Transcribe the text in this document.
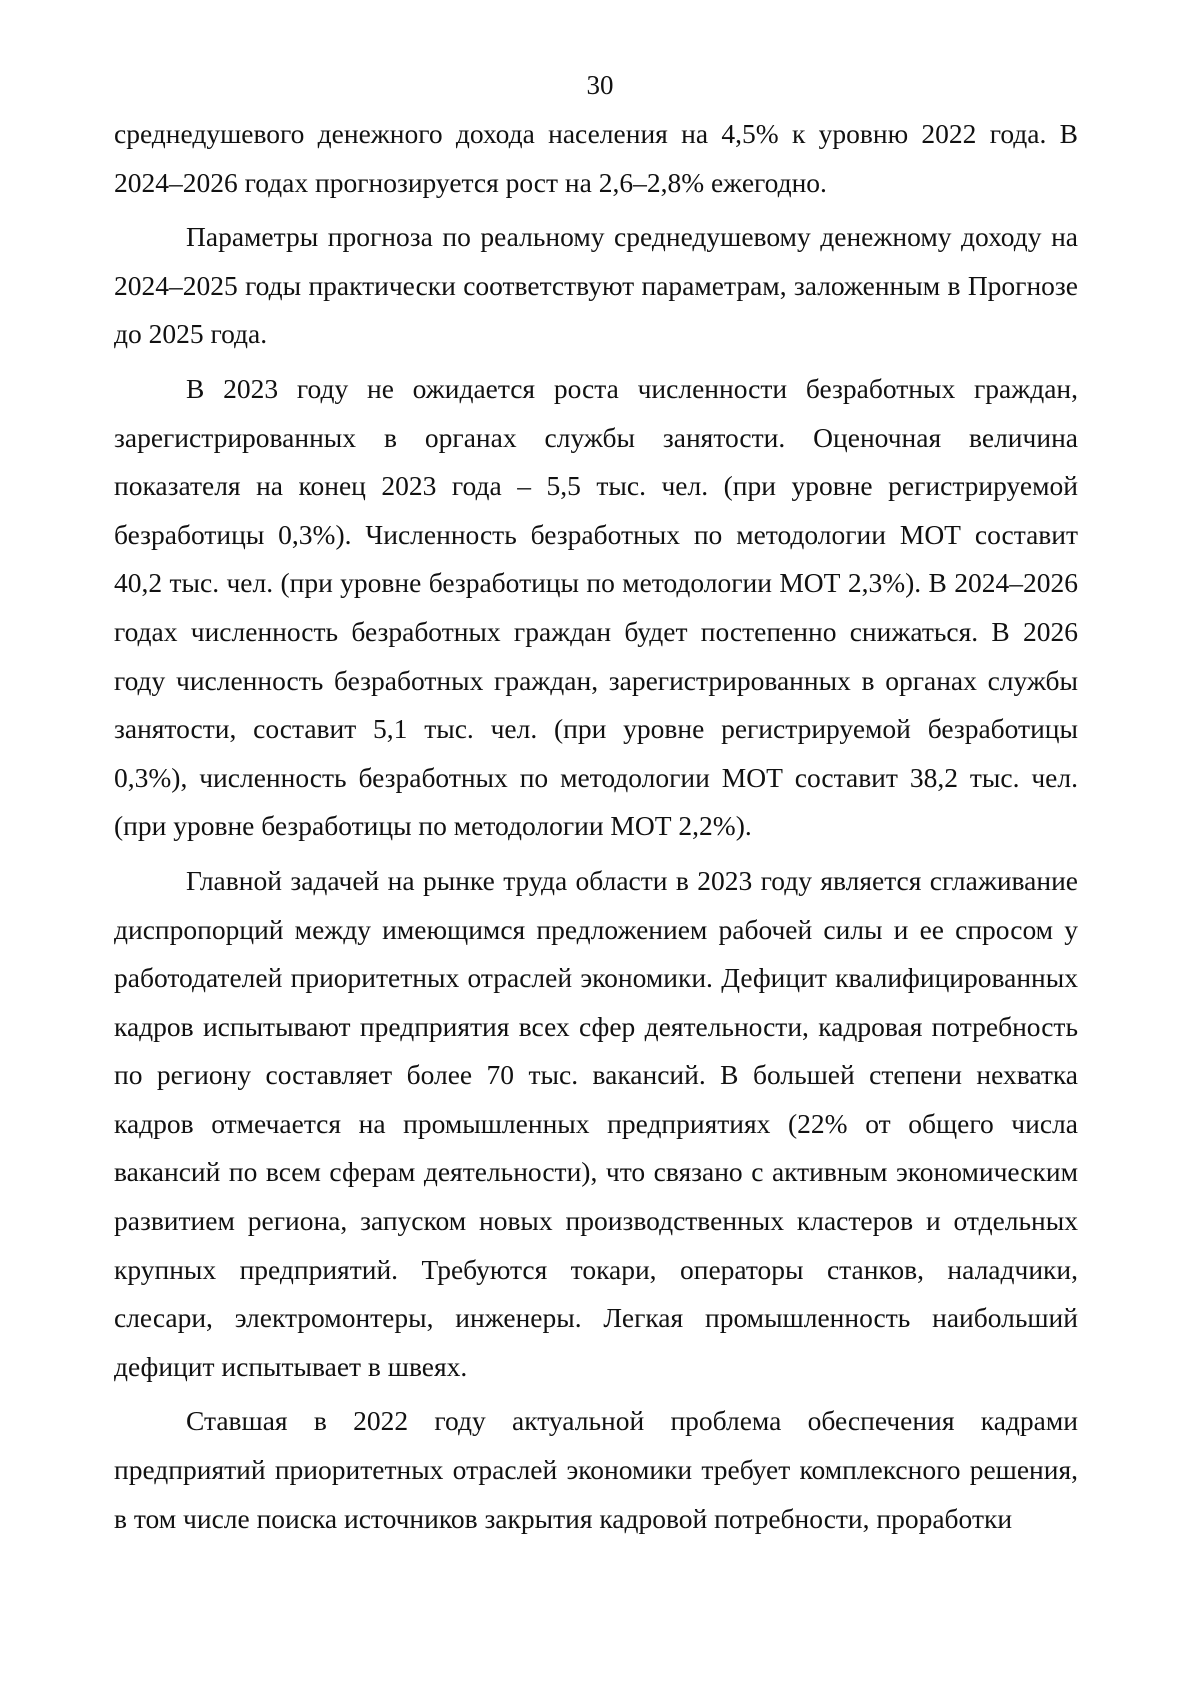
30

среднедушевого денежного дохода населения на 4,5% к уровню 2022 года. В 2024–2026 годах прогнозируется рост на 2,6–2,8% ежегодно.

Параметры прогноза по реальному среднедушевому денежному доходу на 2024–2025 годы практически соответствуют параметрам, заложенным в Прогнозе до 2025 года.

В 2023 году не ожидается роста численности безработных граждан, зарегистрированных в органах службы занятости. Оценочная величина показателя на конец 2023 года – 5,5 тыс. чел. (при уровне регистрируемой безработицы 0,3%). Численность безработных по методологии МОТ составит 40,2 тыс. чел. (при уровне безработицы по методологии МОТ 2,3%). В 2024–2026 годах численность безработных граждан будет постепенно снижаться. В 2026 году численность безработных граждан, зарегистрированных в органах службы занятости, составит 5,1 тыс. чел. (при уровне регистрируемой безработицы 0,3%), численность безработных по методологии МОТ составит 38,2 тыс. чел. (при уровне безработицы по методологии МОТ 2,2%).

Главной задачей на рынке труда области в 2023 году является сглаживание диспропорций между имеющимся предложением рабочей силы и ее спросом у работодателей приоритетных отраслей экономики. Дефицит квалифицированных кадров испытывают предприятия всех сфер деятельности, кадровая потребность по региону составляет более 70 тыс. вакансий. В большей степени нехватка кадров отмечается на промышленных предприятиях (22% от общего числа вакансий по всем сферам деятельности), что связано с активным экономическим развитием региона, запуском новых производственных кластеров и отдельных крупных предприятий. Требуются токари, операторы станков, наладчики, слесари, электромонтеры, инженеры. Легкая промышленность наибольший дефицит испытывает в швеях.

Ставшая в 2022 году актуальной проблема обеспечения кадрами предприятий приоритетных отраслей экономики требует комплексного решения, в том числе поиска источников закрытия кадровой потребности, проработки
